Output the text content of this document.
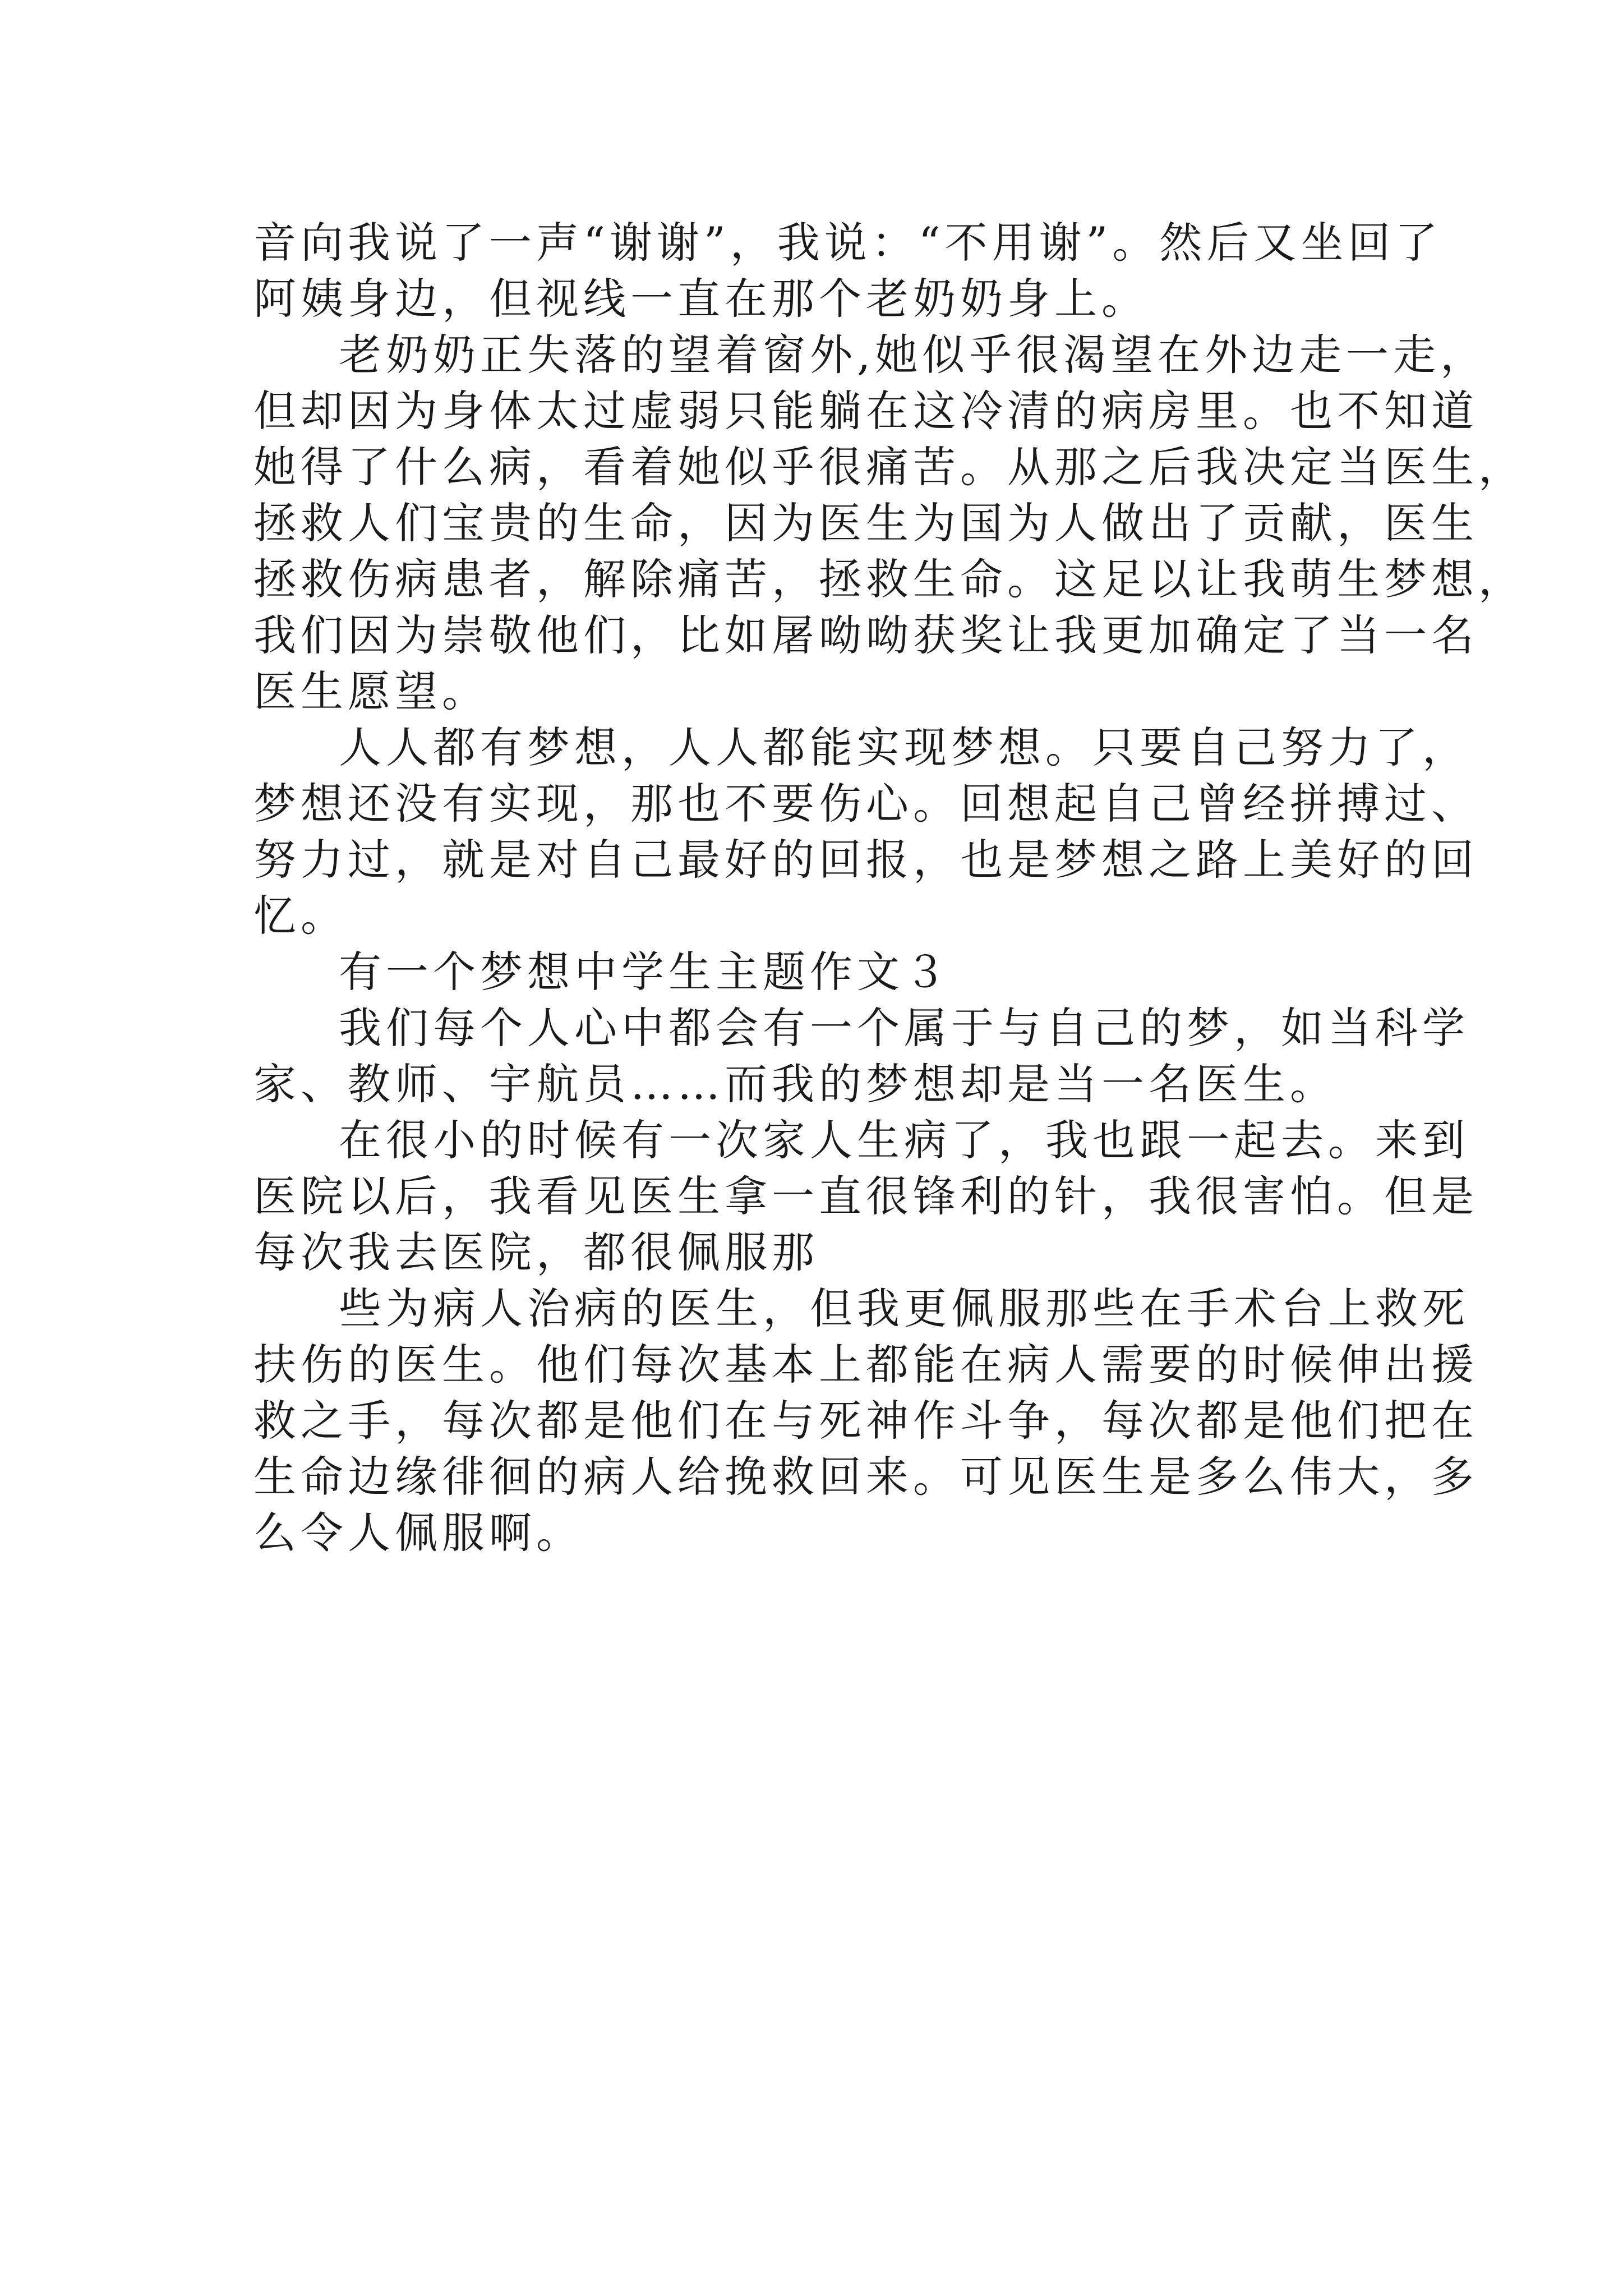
音向我说了一声“谢谢”，我说：“不用谢”。然后又坐回了

阿姨身边，但视线一直在那个老奶奶身上。

老奶奶正失落的望着窗外,她似乎很渴望在外边走一走，

但却因为身体太过虚弱只能躺在这冷清的病房里。也不知道

她得了什么病，看着她似乎很痛苦。从那之后我决定当医生，

拯救人们宝贵的生命，因为医生为国为人做出了贡献，医生

拯救伤病患者，解除痛苦，拯救生命。这足以让我萌生梦想，

我们因为崇敬他们，比如屠呦呦获奖让我更加确定了当一名

医生愿望。

人人都有梦想，人人都能实现梦想。只要自己努力了，

梦想还没有实现，那也不要伤心。回想起自己曾经拼搏过、

努力过，就是对自己最好的回报，也是梦想之路上美好的回

忆。

有一个梦想中学生主题作文３

我们每个人心中都会有一个属于与自己的梦，如当科学

家、教师、宇航员……而我的梦想却是当一名医生。

在很小的时候有一次家人生病了，我也跟一起去。来到

医院以后，我看见医生拿一直很锋利的针，我很害怕。但是

每次我去医院，都很佩服那

些为病人治病的医生，但我更佩服那些在手术台上救死

扶伤的医生。他们每次基本上都能在病人需要的时候伸出援

救之手，每次都是他们在与死神作斗争，每次都是他们把在

生命边缘徘徊的病人给挽救回来。可见医生是多么伟大，多

么令人佩服啊。
